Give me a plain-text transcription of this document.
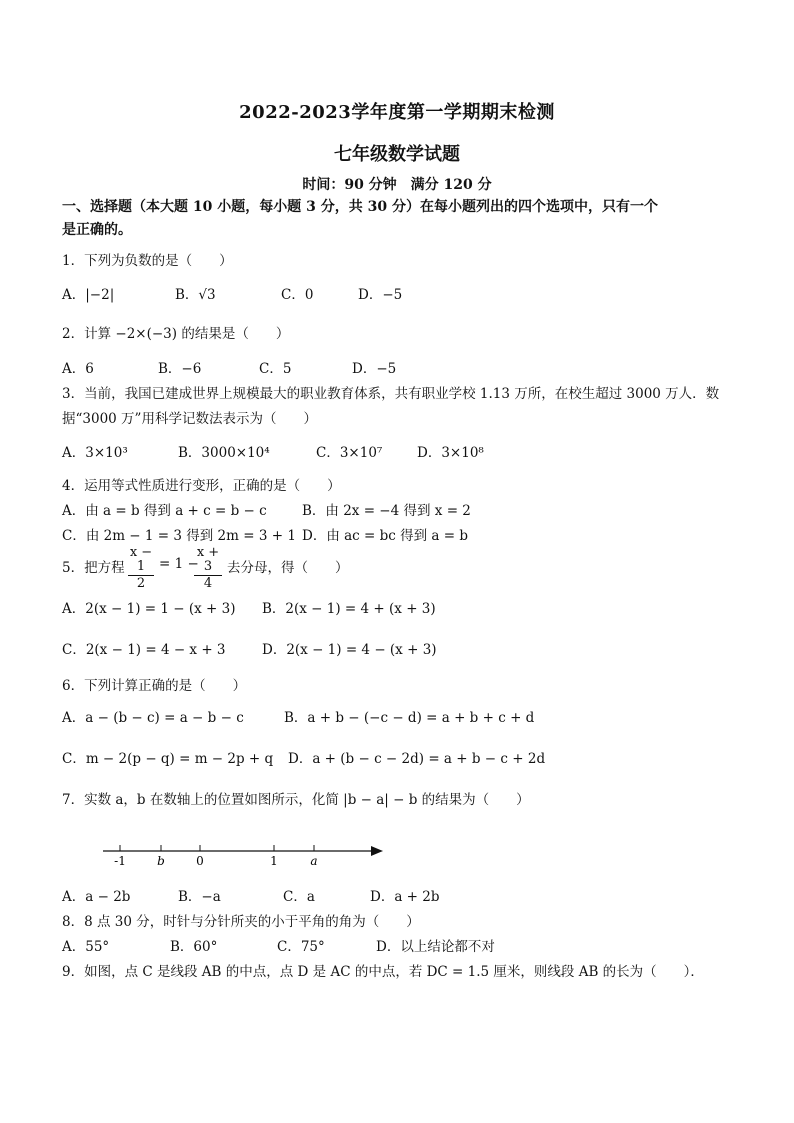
2022-2023学年度第一学期期末检测
七年级数学试题
时间：90 分钟　满分 120 分
一、选择题（本大题 10 小题，每小题 3 分，共 30 分）在每小题列出的四个选项中，只有一个
是正确的。
1．下列为负数的是（　　）
A．|−2|	B．√3	C．0	D．−5
2．计算 −2×(−3) 的结果是（　　）
A．6	B．−6	C．5	D．−5
3．当前，我国已建成世界上规模最大的职业教育体系，共有职业学校 1.13 万所，在校生超过 3000 万人．数
据“3000 万”用科学记数法表示为（　　）
A．3×10³	B．3000×10⁴	C．3×10⁷	D．3×10⁸
4．运用等式性质进行变形，正确的是（　　）
A．由 a = b 得到 a + c = b − c	B．由 2x = −4 得到 x = 2
C．由 2m − 1 = 3 得到 2m = 3 + 1 D．由 ac = bc 得到 a = b
5．把方程
x − 1
2
= 1 −
x + 3
4
去分母，得（　　）
A．2(x − 1) = 1 − (x + 3) B．2(x − 1) = 4 + (x + 3)
C．2(x − 1) = 4 − x + 3	D．2(x − 1) = 4 − (x + 3)
6．下列计算正确的是（　　）
A．a − (b − c) = a − b − c	B．a + b − (−c − d) = a + b + c + d
C．m − 2(p − q) = m − 2p + q D．a + (b − c − 2d) = a + b − c + 2d
7．实数 a，b 在数轴上的位置如图所示，化简 |b − a| − b 的结果为（　　）
-1	b	0	1	a
A．a − 2b	B．−a	C．a	D．a + 2b
8．8 点 30 分，时针与分针所夹的小于平角的角为（　　）
A．55°	B．60°	C．75°	D．以上结论都不对
9．如图，点 C 是线段 AB 的中点，点 D 是 AC 的中点，若 DC = 1.5 厘米，则线段 AB 的长为（　　）．
